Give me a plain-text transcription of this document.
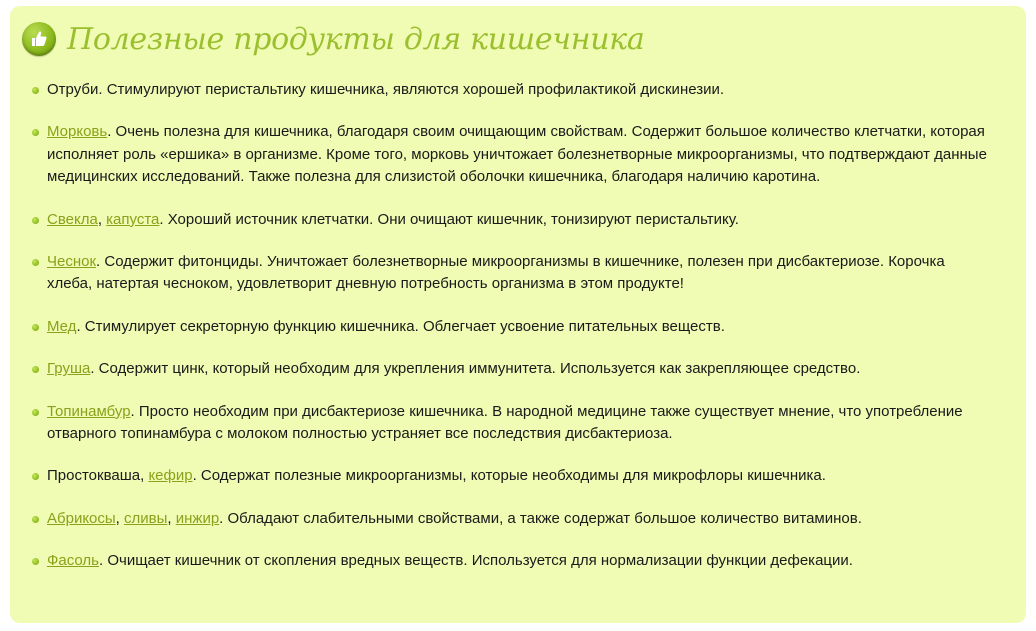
Полезные продукты для кишечника
Отруби. Стимулируют перистальтику кишечника, являются хорошей профилактикой дискинезии.
Морковь. Очень полезна для кишечника, благодаря своим очищающим свойствам. Содержит большое количество клетчатки, которая исполняет роль «ершика» в организме. Кроме того, морковь уничтожает болезнетворные микроорганизмы, что подтверждают данные медицинских исследований. Также полезна для слизистой оболочки кишечника, благодаря наличию каротина.
Свекла, капуста. Хороший источник клетчатки. Они очищают кишечник, тонизируют перистальтику.
Чеснок. Содержит фитонциды. Уничтожает болезнетворные микроорганизмы в кишечнике, полезен при дисбактериозе. Корочка хлеба, натертая чесноком, удовлетворит дневную потребность организма в этом продукте!
Мед. Стимулирует секреторную функцию кишечника. Облегчает усвоение питательных веществ.
Груша. Содержит цинк, который необходим для укрепления иммунитета. Используется как закрепляющее средство.
Топинамбур. Просто необходим при дисбактериозе кишечника. В народной медицине также существует мнение, что употребление отварного топинамбура с молоком полностью устраняет все последствия дисбактериоза.
Простокваша, кефир. Содержат полезные микроорганизмы, которые необходимы для микрофлоры кишечника.
Абрикосы, сливы, инжир. Обладают слабительными свойствами, а также содержат большое количество витаминов.
Фасоль. Очищает кишечник от скопления вредных веществ. Используется для нормализации функции дефекации.
